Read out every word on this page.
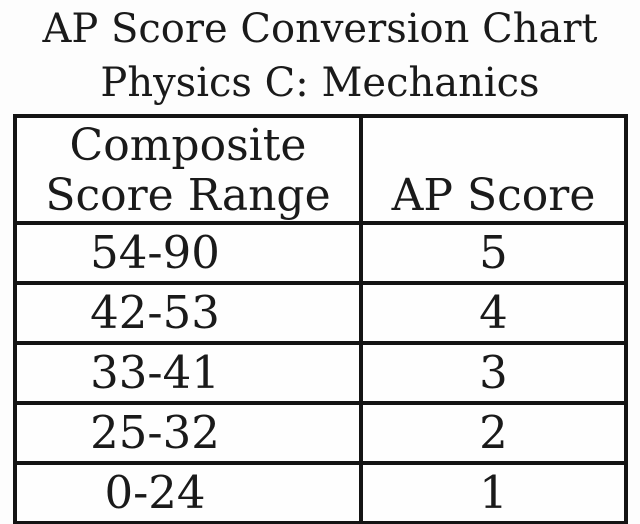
AP Score Conversion Chart
Physics C: Mechanics
Composite
Score Range	AP Score

54-90	5
42-53	4
33-41	3
25-32	2
0-24	1
